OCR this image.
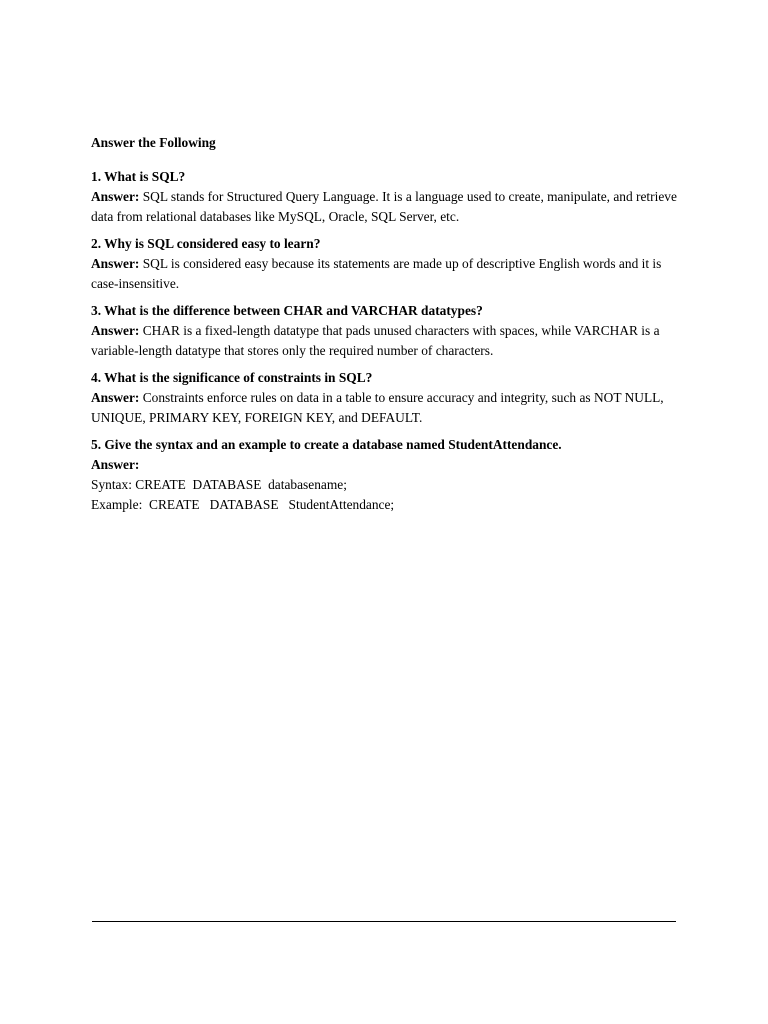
Answer the Following

1. What is SQL?

Answer: SQL stands for Structured Query Language. It is a language used to create, manipulate, and retrieve data from relational databases like MySQL, Oracle, SQL Server, etc.

2. Why is SQL considered easy to learn?

Answer: SQL is considered easy because its statements are made up of descriptive English words and it is case-insensitive.

3. What is the difference between CHAR and VARCHAR datatypes?

Answer: CHAR is a fixed-length datatype that pads unused characters with spaces, while VARCHAR is a variable-length datatype that stores only the required number of characters.

4. What is the significance of constraints in SQL?

Answer: Constraints enforce rules on data in a table to ensure accuracy and integrity, such as NOT NULL, UNIQUE, PRIMARY KEY, FOREIGN KEY, and DEFAULT.

5. Give the syntax and an example to create a database named StudentAttendance.

Answer:

Syntax: CREATE  DATABASE  databasename;

Example:  CREATE   DATABASE   StudentAttendance;
